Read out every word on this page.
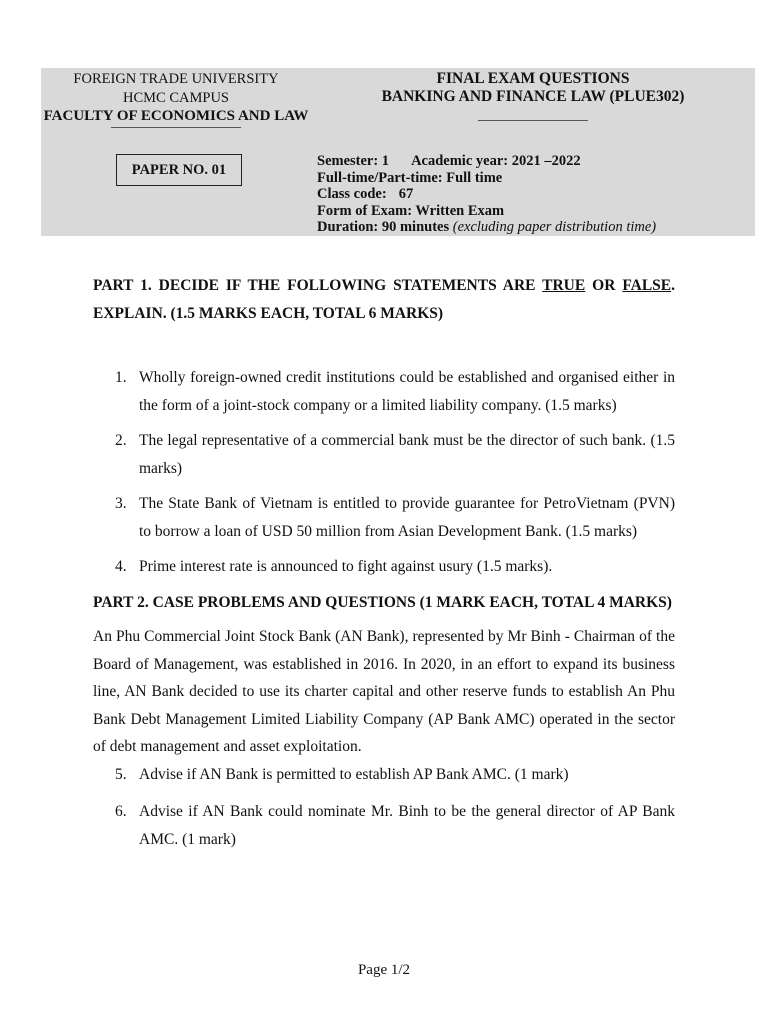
FOREIGN TRADE UNIVERSITY
HCMC CAMPUS
FACULTY OF ECONOMICS AND LAW
PAPER NO. 01
FINAL EXAM QUESTIONS
BANKING AND FINANCE LAW (PLUE302)
Semester: 1 Academic year: 2021 –2022
Full-time/Part-time: Full time
Class code: 67
Form of Exam: Written Exam
Duration: 90 minutes (excluding paper distribution time)
PART 1. DECIDE IF THE FOLLOWING STATEMENTS ARE TRUE OR FALSE. EXPLAIN. (1.5 MARKS EACH, TOTAL 6 MARKS)
1. Wholly foreign-owned credit institutions could be established and organised either in the form of a joint-stock company or a limited liability company. (1.5 marks)
2. The legal representative of a commercial bank must be the director of such bank. (1.5 marks)
3. The State Bank of Vietnam is entitled to provide guarantee for PetroVietnam (PVN) to borrow a loan of USD 50 million from Asian Development Bank. (1.5 marks)
4. Prime interest rate is announced to fight against usury (1.5 marks).
PART 2. CASE PROBLEMS AND QUESTIONS (1 MARK EACH, TOTAL 4 MARKS)
An Phu Commercial Joint Stock Bank (AN Bank), represented by Mr Binh - Chairman of the Board of Management, was established in 2016. In 2020, in an effort to expand its business line, AN Bank decided to use its charter capital and other reserve funds to establish An Phu Bank Debt Management Limited Liability Company (AP Bank AMC) operated in the sector of debt management and asset exploitation.
5. Advise if AN Bank is permitted to establish AP Bank AMC. (1 mark)
6. Advise if AN Bank could nominate Mr. Binh to be the general director of AP Bank AMC. (1 mark)
Page 1/2
